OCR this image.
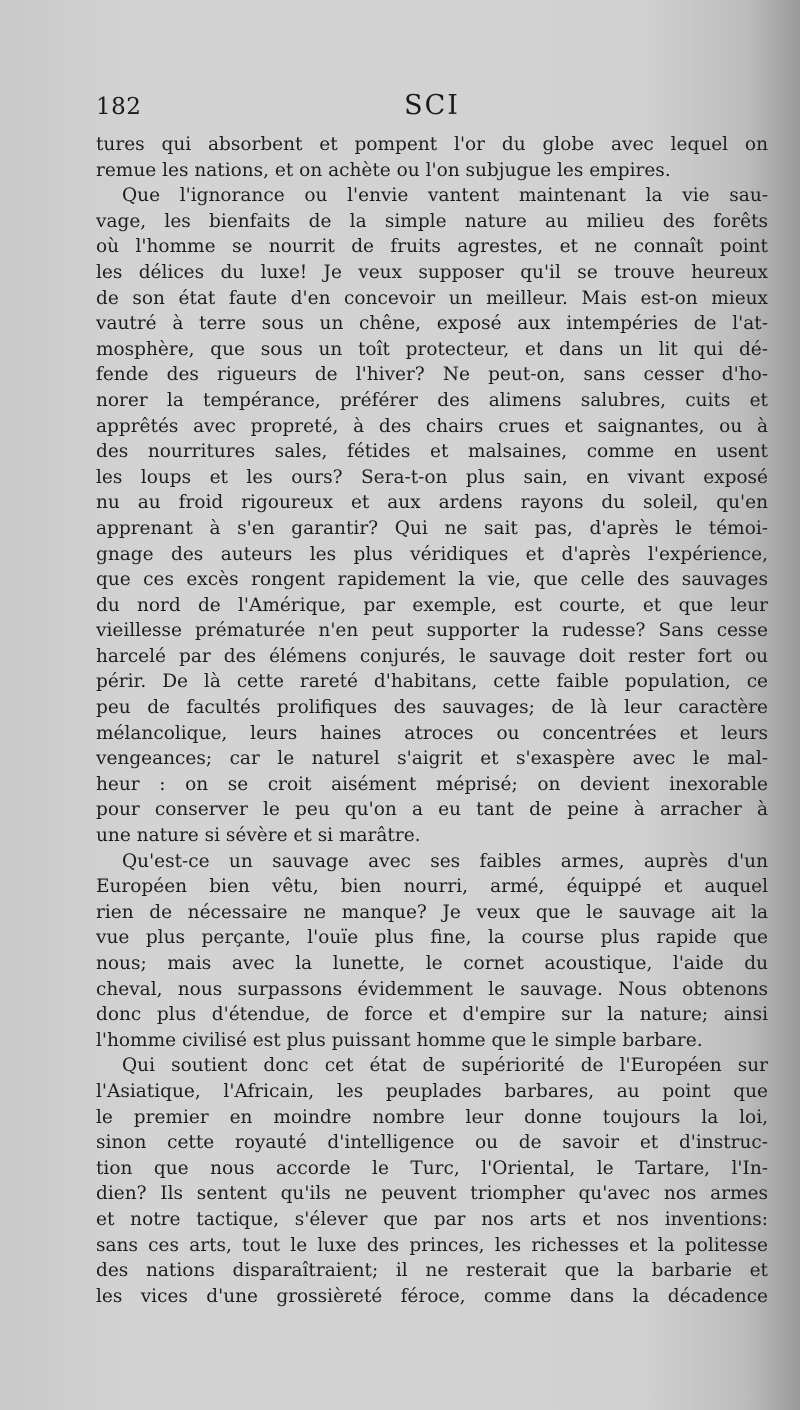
182	SCI
tures qui absorbent et pompent l'or du globe avec lequel on
remue les nations, et on achète ou l'on subjugue les empires.
Que l'ignorance ou l'envie vantent maintenant la vie sau-
vage, les bienfaits de la simple nature au milieu des forêts
où l'homme se nourrit de fruits agrestes, et ne connaît point
les délices du luxe! Je veux supposer qu'il se trouve heureux
de son état faute d'en concevoir un meilleur. Mais est-on mieux
vautré à terre sous un chêne, exposé aux intempéries de l'at-
mosphère, que sous un toît protecteur, et dans un lit qui dé-
fende des rigueurs de l'hiver? Ne peut-on, sans cesser d'ho-
norer la tempérance, préférer des alimens salubres, cuits et
apprêtés avec propreté, à des chairs crues et saignantes, ou à
des nourritures sales, fétides et malsaines, comme en usent
les loups et les ours? Sera-t-on plus sain, en vivant exposé
nu au froid rigoureux et aux ardens rayons du soleil, qu'en
apprenant à s'en garantir? Qui ne sait pas, d'après le témoi-
gnage des auteurs les plus véridiques et d'après l'expérience,
que ces excès rongent rapidement la vie, que celle des sauvages
du nord de l'Amérique, par exemple, est courte, et que leur
vieillesse prématurée n'en peut supporter la rudesse? Sans cesse
harcelé par des élémens conjurés, le sauvage doit rester fort ou
périr. De là cette rareté d'habitans, cette faible population, ce
peu de facultés prolifiques des sauvages; de là leur caractère
mélancolique, leurs haines atroces ou concentrées et leurs
vengeances; car le naturel s'aigrit et s'exaspère avec le mal-
heur : on se croit aisément méprisé; on devient inexorable
pour conserver le peu qu'on a eu tant de peine à arracher à
une nature si sévère et si marâtre.
Qu'est-ce un sauvage avec ses faibles armes, auprès d'un
Européen bien vêtu, bien nourri, armé, équippé et auquel
rien de nécessaire ne manque? Je veux que le sauvage ait la
vue plus perçante, l'ouïe plus fine, la course plus rapide que
nous; mais avec la lunette, le cornet acoustique, l'aide du
cheval, nous surpassons évidemment le sauvage. Nous obtenons
donc plus d'étendue, de force et d'empire sur la nature; ainsi
l'homme civilisé est plus puissant homme que le simple barbare.
Qui soutient donc cet état de supériorité de l'Européen sur
l'Asiatique, l'Africain, les peuplades barbares, au point que
le premier en moindre nombre leur donne toujours la loi,
sinon cette royauté d'intelligence ou de savoir et d'instruc-
tion que nous accorde le Turc, l'Oriental, le Tartare, l'In-
dien? Ils sentent qu'ils ne peuvent triompher qu'avec nos armes
et notre tactique, s'élever que par nos arts et nos inventions:
sans ces arts, tout le luxe des princes, les richesses et la politesse
des nations disparaîtraient; il ne resterait que la barbarie et
les vices d'une grossièreté féroce, comme dans la décadence
